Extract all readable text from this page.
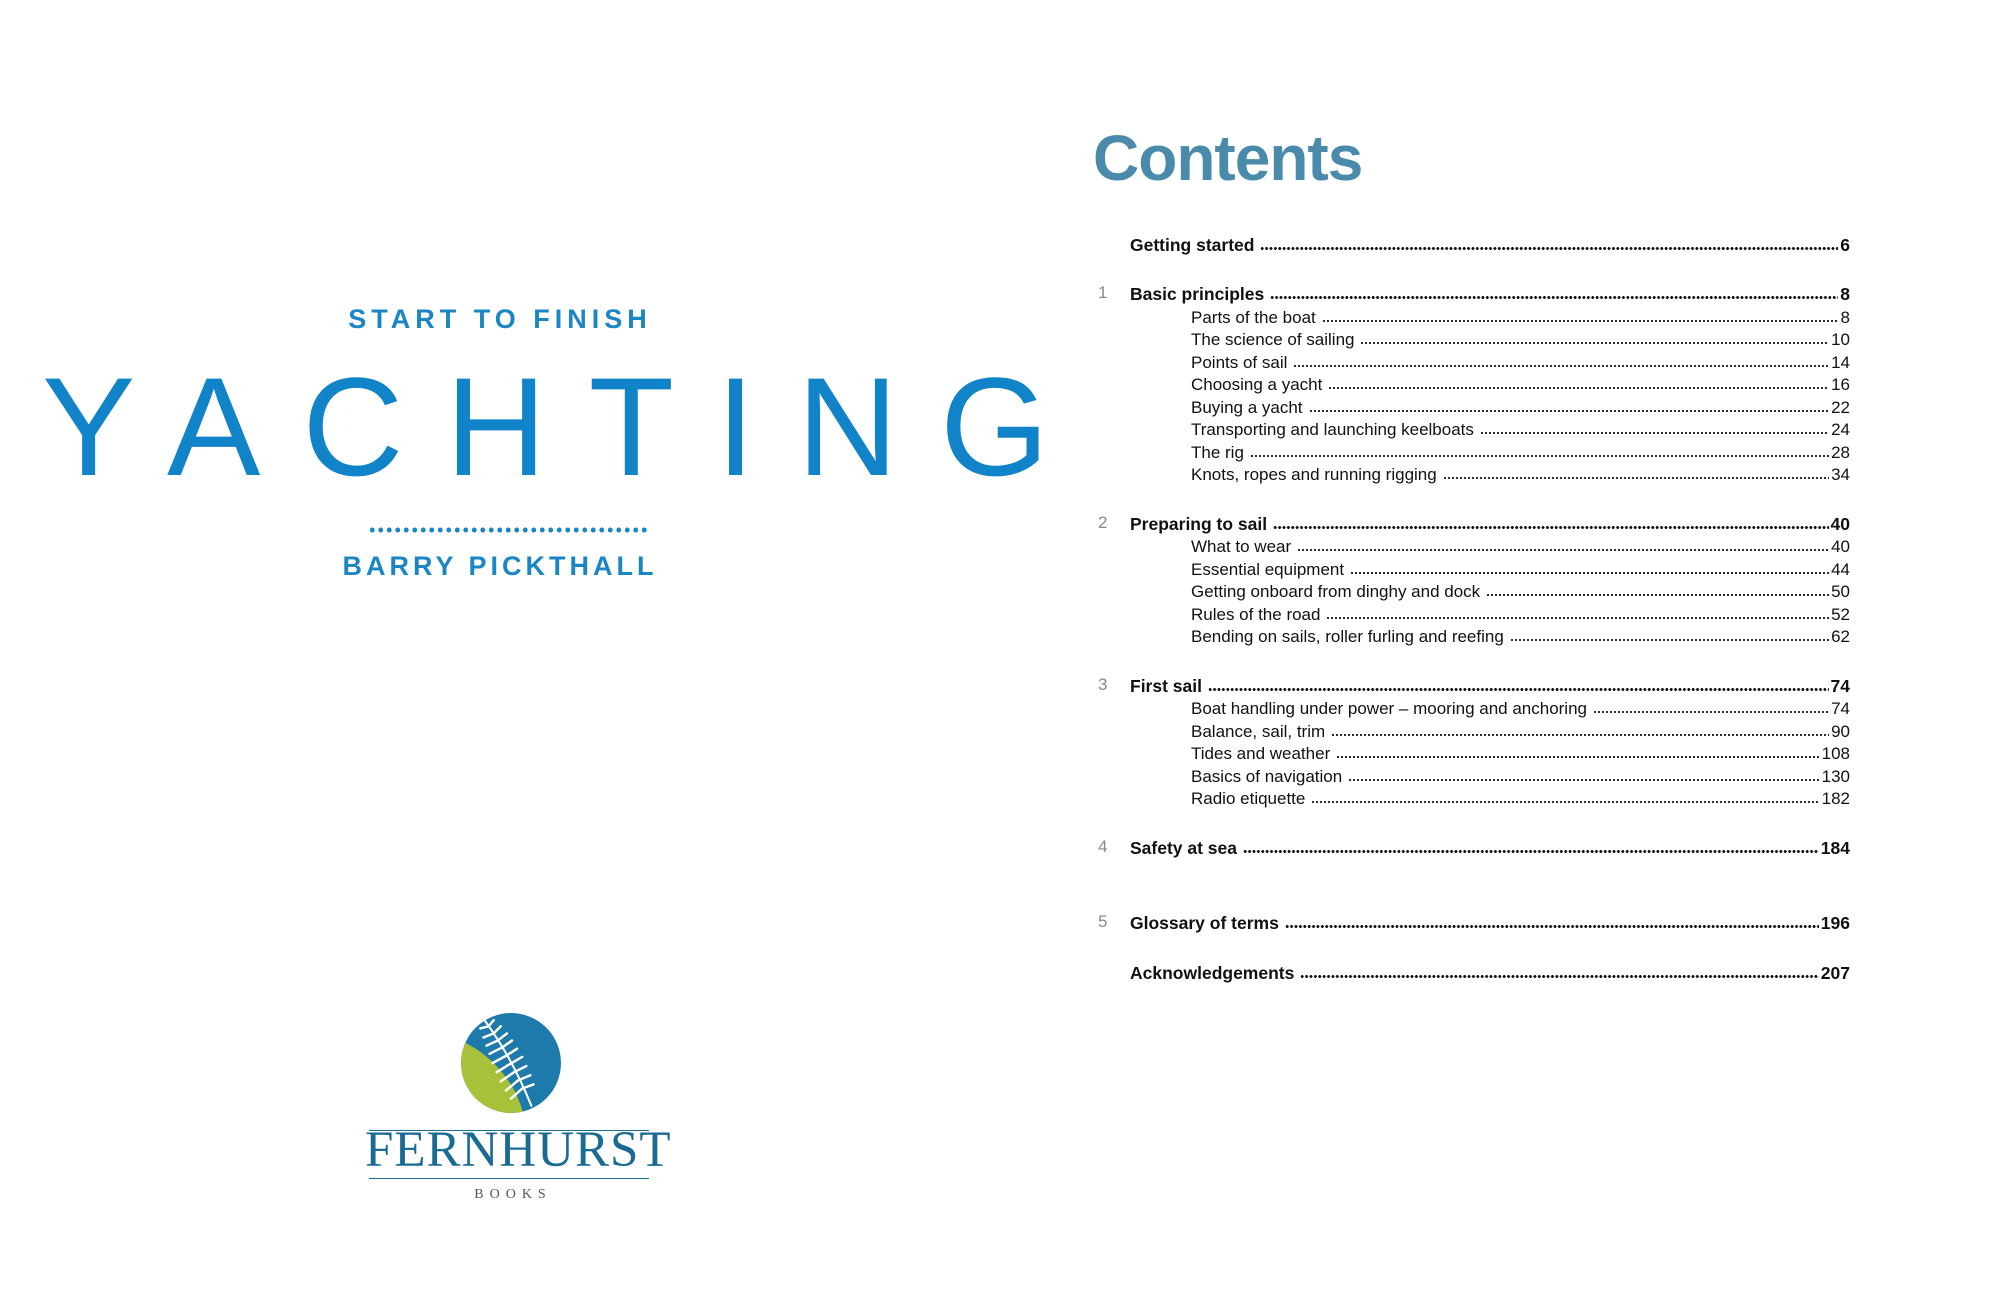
START TO FINISH
YACHTING
BARRY PICKTHALL
FERNHURST
BOOKS
Contents
Getting started	6
1 Basic principles	8
Parts of the boat	8
The science of sailing	10
Points of sail	14
Choosing a yacht	16
Buying a yacht	22
Transporting and launching keelboats	24
The rig	28
Knots, ropes and running rigging	34
2 Preparing to sail	40
What to wear	40
Essential equipment	44
Getting onboard from dinghy and dock	50
Rules of the road	52
Bending on sails, roller furling and reefing	62
3 First sail	74
Boat handling under power – mooring and anchoring	74
Balance, sail, trim	90
Tides and weather	108
Basics of navigation	130
Radio etiquette	182
4 Safety at sea	184
5 Glossary of terms	196
Acknowledgements	207
